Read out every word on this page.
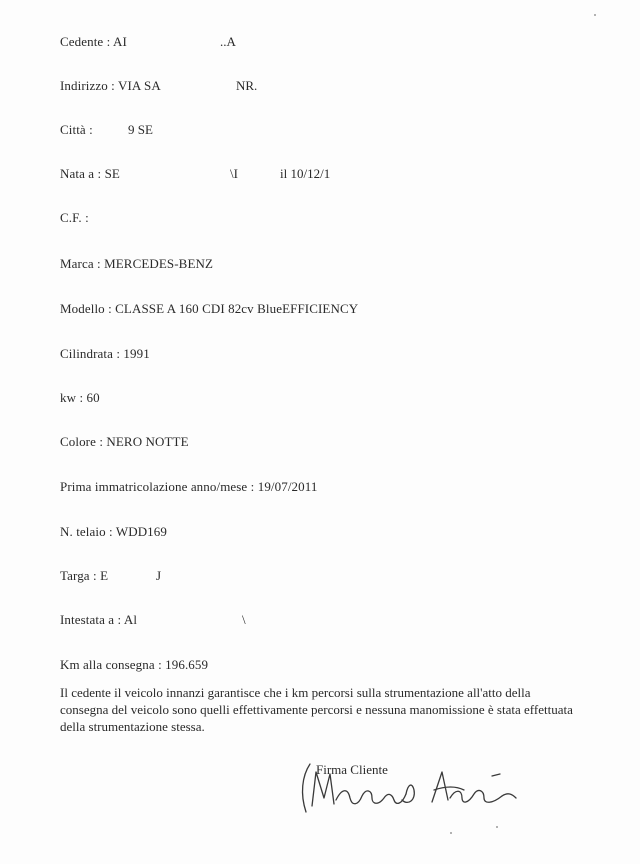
Cedente : AI	..A
Indirizzo : VIA SA	NR.
Città :	9 SE
Nata a : SE	\I	il 10/12/1
C.F. :
Marca : MERCEDES-BENZ
Modello : CLASSE A 160 CDI 82cv BlueEFFICIENCY
Cilindrata : 1991
kw : 60
Colore : NERO NOTTE
Prima immatricolazione anno/mese : 19/07/2011
N. telaio : WDD169
Targa : E	J
Intestata a : Al	\
Km alla consegna : 196.659
Il cedente il veicolo innanzi garantisce che i km percorsi sulla strumentazione all'atto della
consegna del veicolo sono quelli effettivamente percorsi e nessuna manomissione è stata effettuata
della strumentazione stessa.
Firma Cliente
